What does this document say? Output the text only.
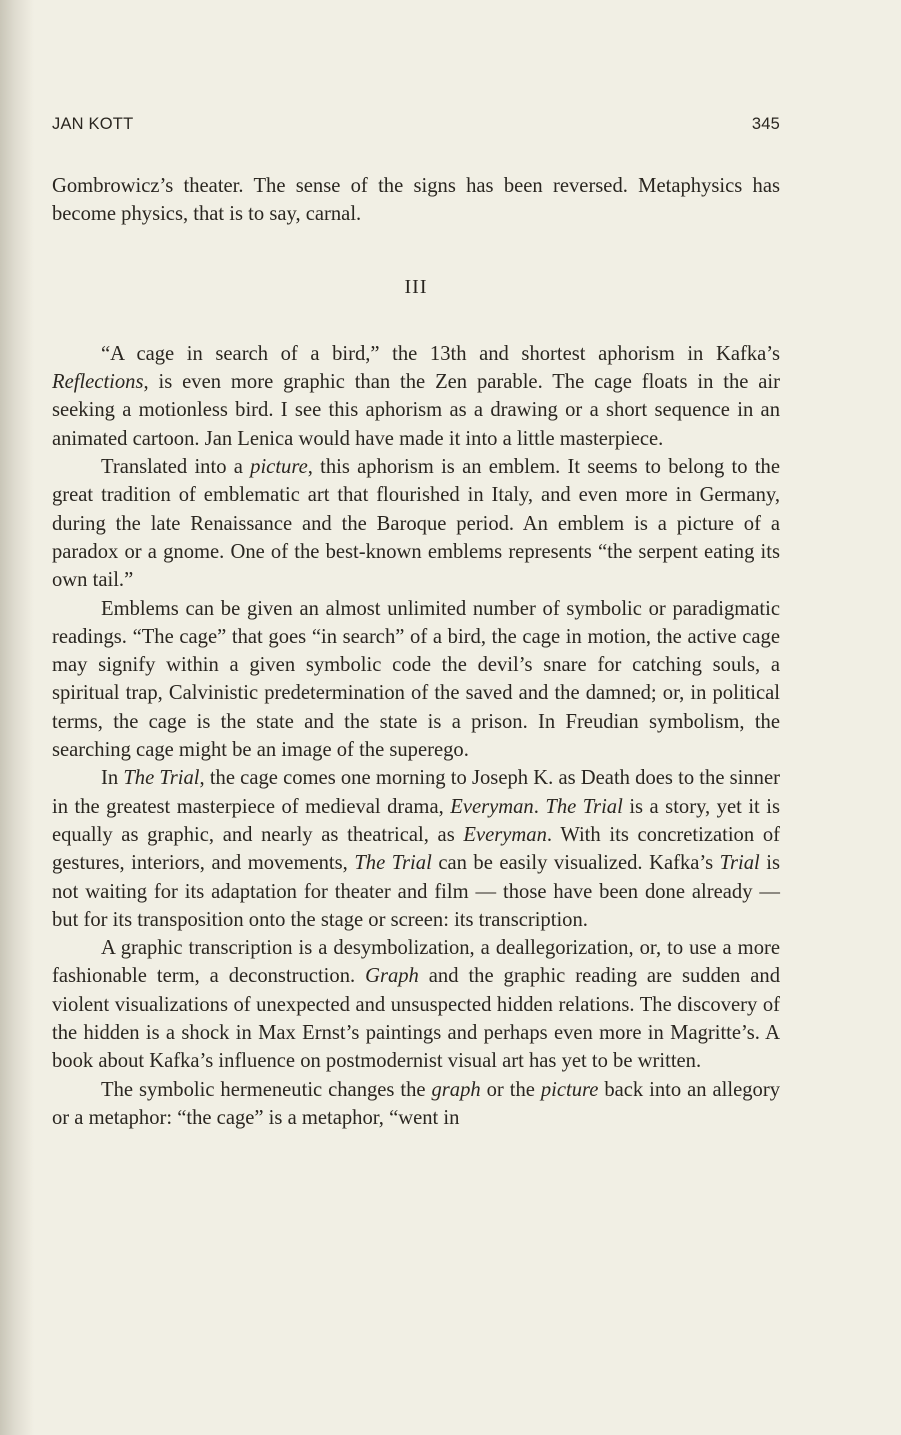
JAN KOTT	345

Gombrowicz’s theater. The sense of the signs has been reversed. Metaphysics has become physics, that is to say, carnal.

III

“A cage in search of a bird,” the 13th and shortest aphorism in Kafka’s Reflections, is even more graphic than the Zen parable. The cage floats in the air seeking a motionless bird. I see this aphorism as a drawing or a short sequence in an animated cartoon. Jan Lenica would have made it into a little masterpiece.

Translated into a picture, this aphorism is an emblem. It seems to belong to the great tradition of emblematic art that flourished in Italy, and even more in Germany, during the late Renaissance and the Baroque period. An emblem is a picture of a paradox or a gnome. One of the best-known emblems represents “the serpent eating its own tail.”

Emblems can be given an almost unlimited number of symbolic or paradigmatic readings. “The cage” that goes “in search” of a bird, the cage in motion, the active cage may signify within a given symbolic code the devil’s snare for catching souls, a spiritual trap, Calvinistic predetermination of the saved and the damned; or, in political terms, the cage is the state and the state is a prison. In Freudian symbolism, the searching cage might be an image of the superego.

In The Trial, the cage comes one morning to Joseph K. as Death does to the sinner in the greatest masterpiece of medieval drama, Everyman. The Trial is a story, yet it is equally as graphic, and nearly as theatrical, as Everyman. With its concretization of gestures, interiors, and movements, The Trial can be easily visualized. Kafka’s Trial is not waiting for its adaptation for theater and film — those have been done already — but for its transposition onto the stage or screen: its transcription.

A graphic transcription is a desymbolization, a deallegorization, or, to use a more fashionable term, a deconstruction. Graph and the graphic reading are sudden and violent visualizations of unexpected and unsuspected hidden relations. The discovery of the hidden is a shock in Max Ernst’s paintings and perhaps even more in Magritte’s. A book about Kafka’s influence on postmodernist visual art has yet to be written.

The symbolic hermeneutic changes the graph or the picture back into an allegory or a metaphor: “the cage” is a metaphor, “went in
